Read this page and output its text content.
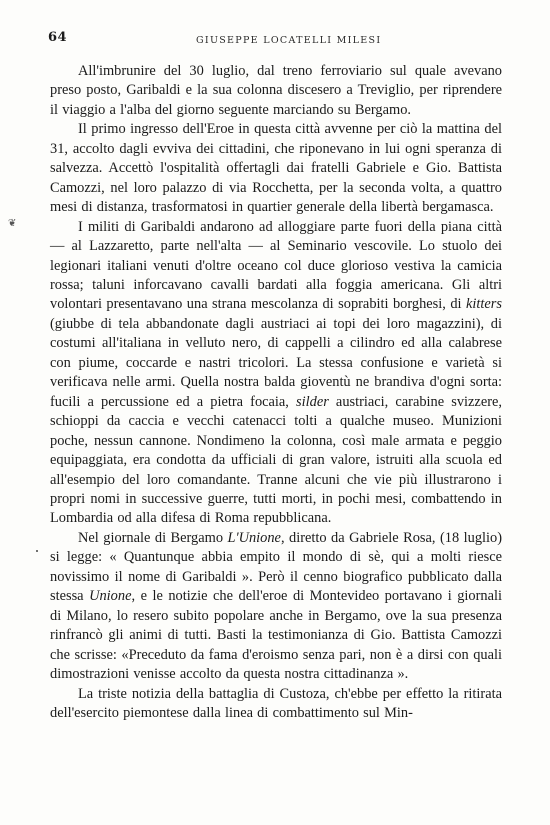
64	GIUSEPPE LOCATELLI MILESI
❦

All'imbrunire del 30 luglio, dal treno ferroviario sul quale avevano preso posto, Garibaldi e la sua colonna discesero a Treviglio, per riprendere il viaggio a l'alba del giorno seguente marciando su Bergamo.

Il primo ingresso dell'Eroe in questa città avvenne per ciò la mattina del 31, accolto dagli evviva dei cittadini, che riponevano in lui ogni speranza di salvezza. Accettò l'ospitalità offertagli dai fratelli Gabriele e Gio. Battista Camozzi, nel loro palazzo di via Rocchetta, per la seconda volta, a quattro mesi di distanza, trasformatosi in quartier generale della libertà bergamasca.

I militi di Garibaldi andarono ad alloggiare parte fuori della piana città — al Lazzaretto, parte nell'alta — al Seminario vescovile. Lo stuolo dei legionari italiani venuti d'oltre oceano col duce glorioso vestiva la camicia rossa; taluni inforcavano cavalli bardati alla foggia americana. Gli altri volontari presentavano una strana mescolanza di soprabiti borghesi, di kitters (giubbe di tela abbandonate dagli austriaci ai topi dei loro magazzini), di costumi all'italiana in velluto nero, di cappelli a cilindro ed alla calabrese con piume, coccarde e nastri tricolori. La stessa confusione e varietà si verificava nelle armi. Quella nostra balda gioventù ne brandiva d'ogni sorta: fucili a percussione ed a pietra focaia, silder austriaci, carabine svizzere, schioppi da caccia e vecchi catenacci tolti a qualche museo. Munizioni poche, nessun cannone. Nondimeno la colonna, così male armata e peggio equipaggiata, era condotta da ufficiali di gran valore, istruiti alla scuola ed all'esempio del loro comandante. Tranne alcuni che vie più illustrarono i propri nomi in successive guerre, tutti morti, in pochi mesi, combattendo in Lombardia od alla difesa di Roma repubblicana.

Nel giornale di Bergamo L'Unione, diretto da Gabriele Rosa, (18 luglio) si legge: « Quantunque abbia empito il mondo di sè, qui a molti riesce novissimo il nome di Garibaldi ». Però il cenno biografico pubblicato dalla stessa Unione, e le notizie che dell'eroe di Montevideo portavano i giornali di Milano, lo resero subito popolare anche in Bergamo, ove la sua presenza rinfrancò gli animi di tutti. Basti la testimonianza di Gio. Battista Camozzi che scrisse: «Preceduto da fama d'eroismo senza pari, non è a dirsi con quali dimostrazioni venisse accolto da questa nostra cittadinanza ».

La triste notizia della battaglia di Custoza, ch'ebbe per effetto la ritirata dell'esercito piemontese dalla linea di combattimento sul Min-
